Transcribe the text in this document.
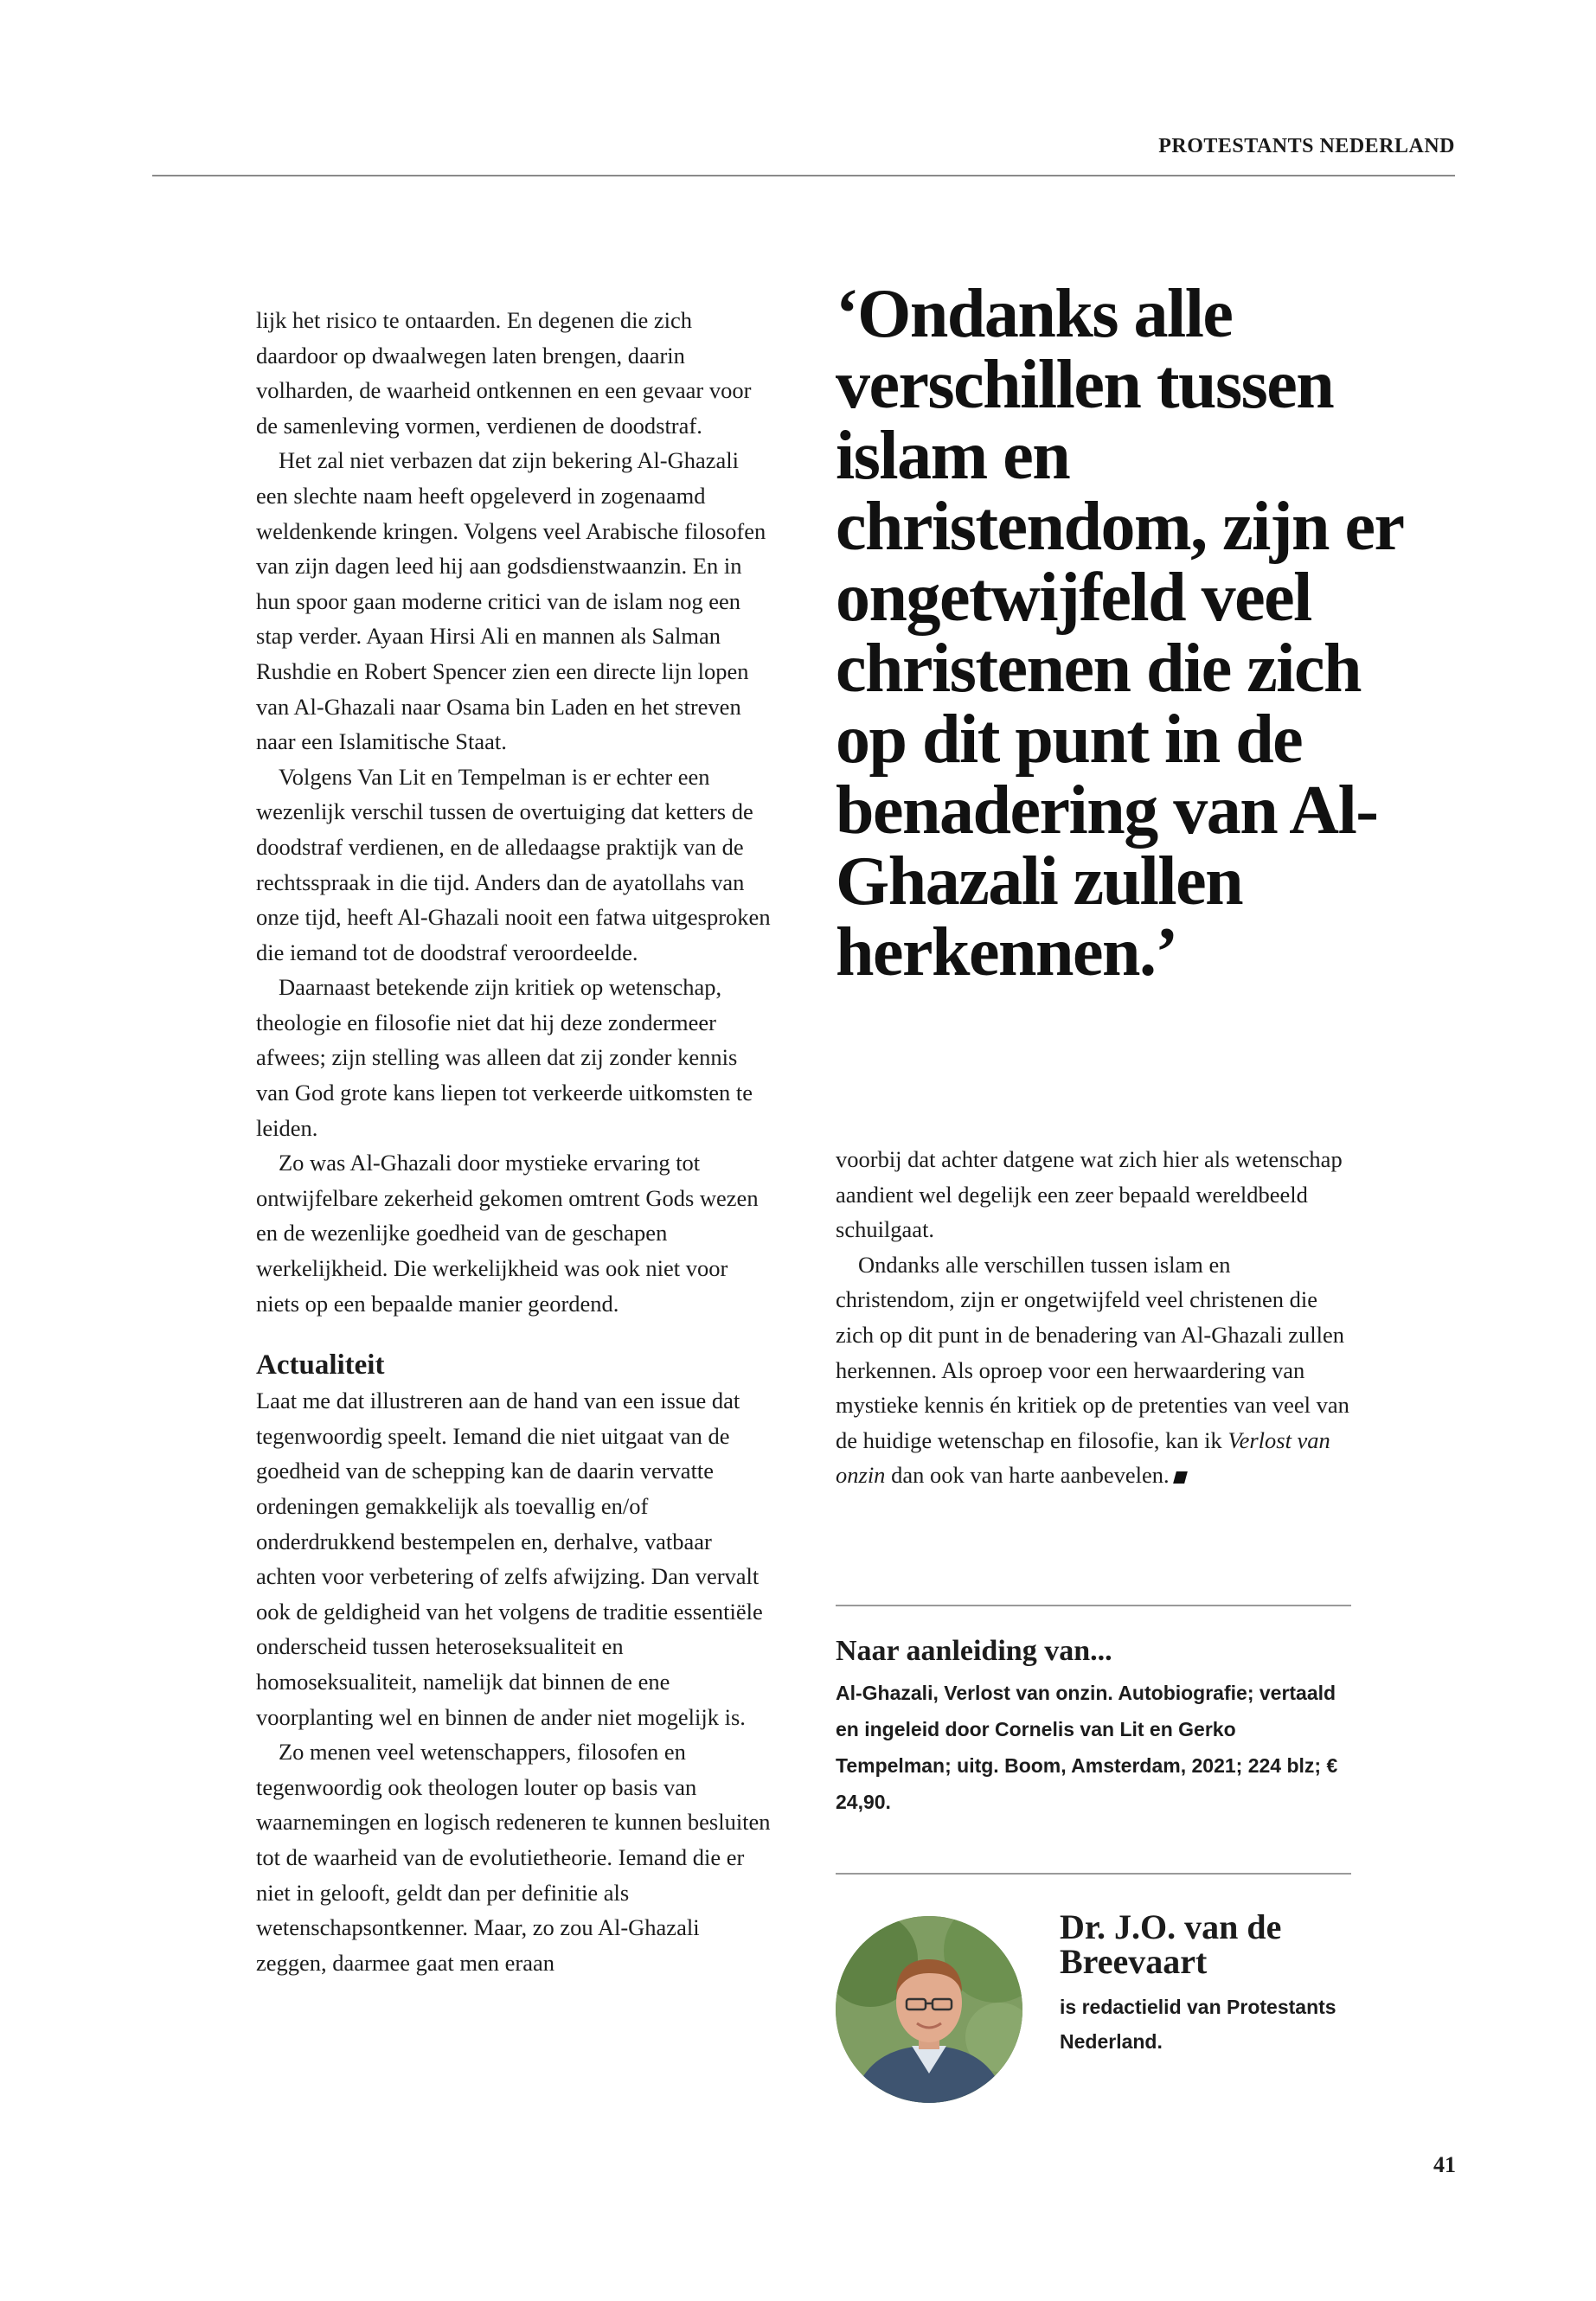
PROTESTANTS NEDERLAND

lijk het risico te ontaarden. En degenen die zich daardoor op dwaalwegen laten brengen, daarin volharden, de waarheid ontkennen en een gevaar voor de samenleving vormen, verdienen de doodstraf.

Het zal niet verbazen dat zijn bekering Al-Ghazali een slechte naam heeft opgeleverd in zogenaamd weldenkende kringen. Volgens veel Arabische filosofen van zijn dagen leed hij aan godsdienstwaanzin. En in hun spoor gaan moderne critici van de islam nog een stap verder. Ayaan Hirsi Ali en mannen als Salman Rushdie en Robert Spencer zien een directe lijn lopen van Al-Ghazali naar Osama bin Laden en het streven naar een Islamitische Staat.

Volgens Van Lit en Tempelman is er echter een wezenlijk verschil tussen de overtuiging dat ketters de doodstraf verdienen, en de alledaagse praktijk van de rechtsspraak in die tijd. Anders dan de ayatollahs van onze tijd, heeft Al-Ghazali nooit een fatwa uitgesproken die iemand tot de doodstraf veroordeelde.

Daarnaast betekende zijn kritiek op wetenschap, theologie en filosofie niet dat hij deze zondermeer afwees; zijn stelling was alleen dat zij zonder kennis van God grote kans liepen tot verkeerde uitkomsten te leiden.

Zo was Al-Ghazali door mystieke ervaring tot ontwijfelbare zekerheid gekomen omtrent Gods wezen en de wezenlijke goedheid van de geschapen werkelijkheid. Die werkelijkheid was ook niet voor niets op een bepaalde manier geordend.

Actualiteit

Laat me dat illustreren aan de hand van een issue dat tegenwoordig speelt. Iemand die niet uitgaat van de goedheid van de schepping kan de daarin vervatte ordeningen gemakkelijk als toevallig en/of onderdrukkend bestempelen en, derhalve, vatbaar achten voor verbetering of zelfs afwijzing. Dan vervalt ook de geldigheid van het volgens de traditie essentiële onderscheid tussen heteroseksualiteit en homoseksualiteit, namelijk dat binnen de ene voorplanting wel en binnen de ander niet mogelijk is.

Zo menen veel wetenschappers, filosofen en tegenwoordig ook theologen louter op basis van waarnemingen en logisch redeneren te kunnen besluiten tot de waarheid van de evolutietheorie. Iemand die er niet in gelooft, geldt dan per definitie als wetenschapsontkenner. Maar, zo zou Al-Ghazali zeggen, daarmee gaat men eraan

‘Ondanks alle verschillen tussen islam en christendom, zijn er ongetwijfeld veel christenen die zich op dit punt in de benadering van Al-Ghazali zullen herkennen.’

voorbij dat achter datgene wat zich hier als wetenschap aandient wel degelijk een zeer bepaald wereldbeeld schuilgaat.

Ondanks alle verschillen tussen islam en christendom, zijn er ongetwijfeld veel christenen die zich op dit punt in de benadering van Al-Ghazali zullen herkennen. Als oproep voor een herwaardering van mystieke kennis én kritiek op de pretenties van veel van de huidige wetenschap en filosofie, kan ik Verlost van onzin dan ook van harte aanbevelen.

Naar aanleiding van...
Al-Ghazali, Verlost van onzin. Autobiografie; vertaald en ingeleid door Cornelis van Lit en Gerko Tempelman; uitg. Boom, Amsterdam, 2021; 224 blz; € 24,90.
Dr. J.O. van de Breevaart
is redactielid van Protestants Nederland.
41
